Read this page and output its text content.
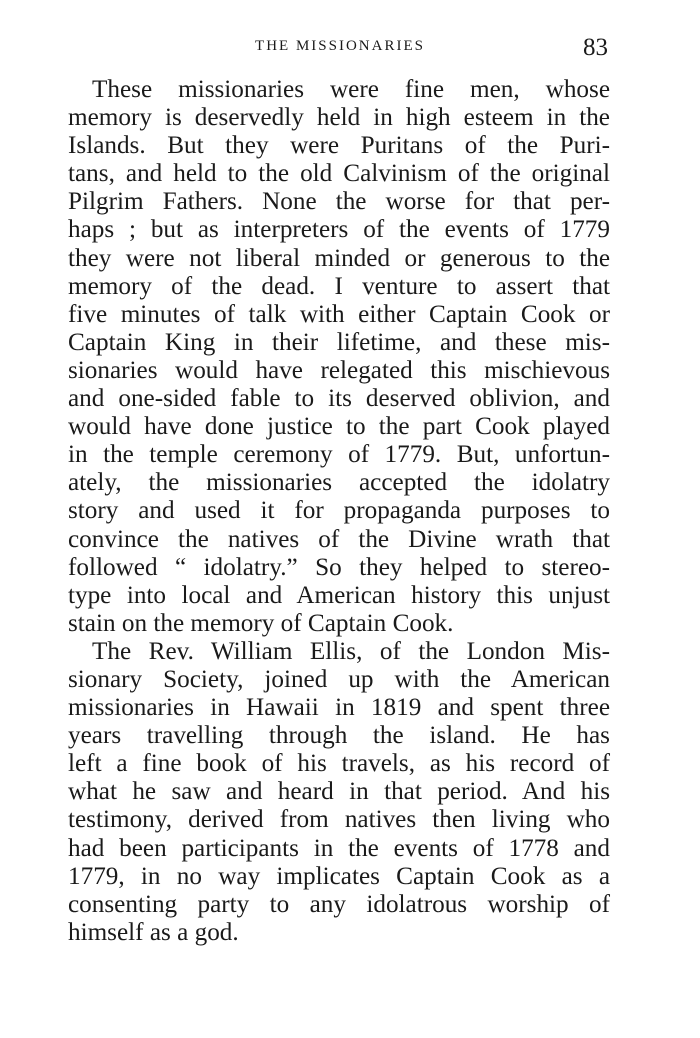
THE MISSIONARIES	83
These missionaries were fine men, whose
memory is deservedly held in high esteem in the
Islands. But they were Puritans of the Puri-
tans, and held to the old Calvinism of the original
Pilgrim Fathers. None the worse for that per-
haps ; but as interpreters of the events of 1779
they were not liberal minded or generous to the
memory of the dead. I venture to assert that
five minutes of talk with either Captain Cook or
Captain King in their lifetime, and these mis-
sionaries would have relegated this mischievous
and one-sided fable to its deserved oblivion, and
would have done justice to the part Cook played
in the temple ceremony of 1779. But, unfortun-
ately, the missionaries accepted the idolatry
story and used it for propaganda purposes to
convince the natives of the Divine wrath that
followed “ idolatry.” So they helped to stereo-
type into local and American history this unjust
stain on the memory of Captain Cook.
The Rev. William Ellis, of the London Mis-
sionary Society, joined up with the American
missionaries in Hawaii in 1819 and spent three
years travelling through the island. He has
left a fine book of his travels, as his record of
what he saw and heard in that period. And his
testimony, derived from natives then living who
had been participants in the events of 1778 and
1779, in no way implicates Captain Cook as a
consenting party to any idolatrous worship of
himself as a god.
